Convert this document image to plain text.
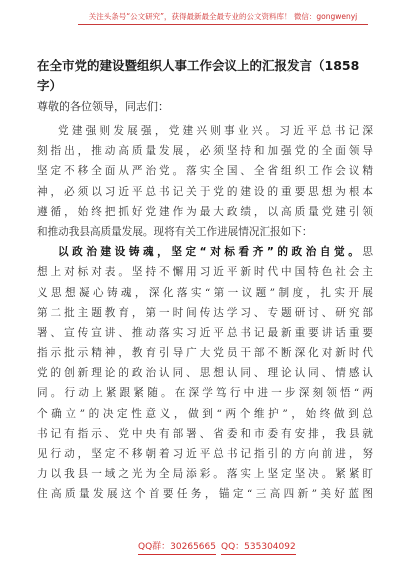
关注头条号“公文研究”，获得最新最全最专业的公文资料库！ 微信：gongwenyj
在全市党的建设暨组织人事工作会议上的汇报发言（1858
字）
尊敬的各位领导，同志们：
党建强则发展强，党建兴则事业兴。习近平总书记深
刻指出，推动高质量发展，必须坚持和加强党的全面领导
坚定不移全面从严治党。落实全国、全省组织工作会议精
神，必须以习近平总书记关于党的建设的重要思想为根本
遵循，始终把抓好党建作为最大政绩，以高质量党建引领
和推动我县高质量发展。现将有关工作进展情况汇报如下：
以政治建设铸魂，坚定“对标看齐”的政治自觉。思
想上对标对表。坚持不懈用习近平新时代中国特色社会主
义思想凝心铸魂，深化落实“第一议题”制度，扎实开展
第二批主题教育，第一时间传达学习、专题研讨、研究部
署、宣传宣讲、推动落实习近平总书记最新重要讲话重要
指示批示精神，教育引导广大党员干部不断深化对新时代
党的创新理论的政治认同、思想认同、理论认同、情感认
同。行动上紧跟紧随。在深学笃行中进一步深刻领悟“两
个确立”的决定性意义，做到“两个维护”，始终做到总
书记有指示、党中央有部署、省委和市委有安排，我县就
见行动，坚定不移朝着习近平总书记指引的方向前进，努
力以我县一域之光为全局添彩。落实上坚定坚决。紧紧盯
住高质量发展这个首要任务，锚定“三高四新”美好蓝图
QQ群：30265665 QQ：535304092
